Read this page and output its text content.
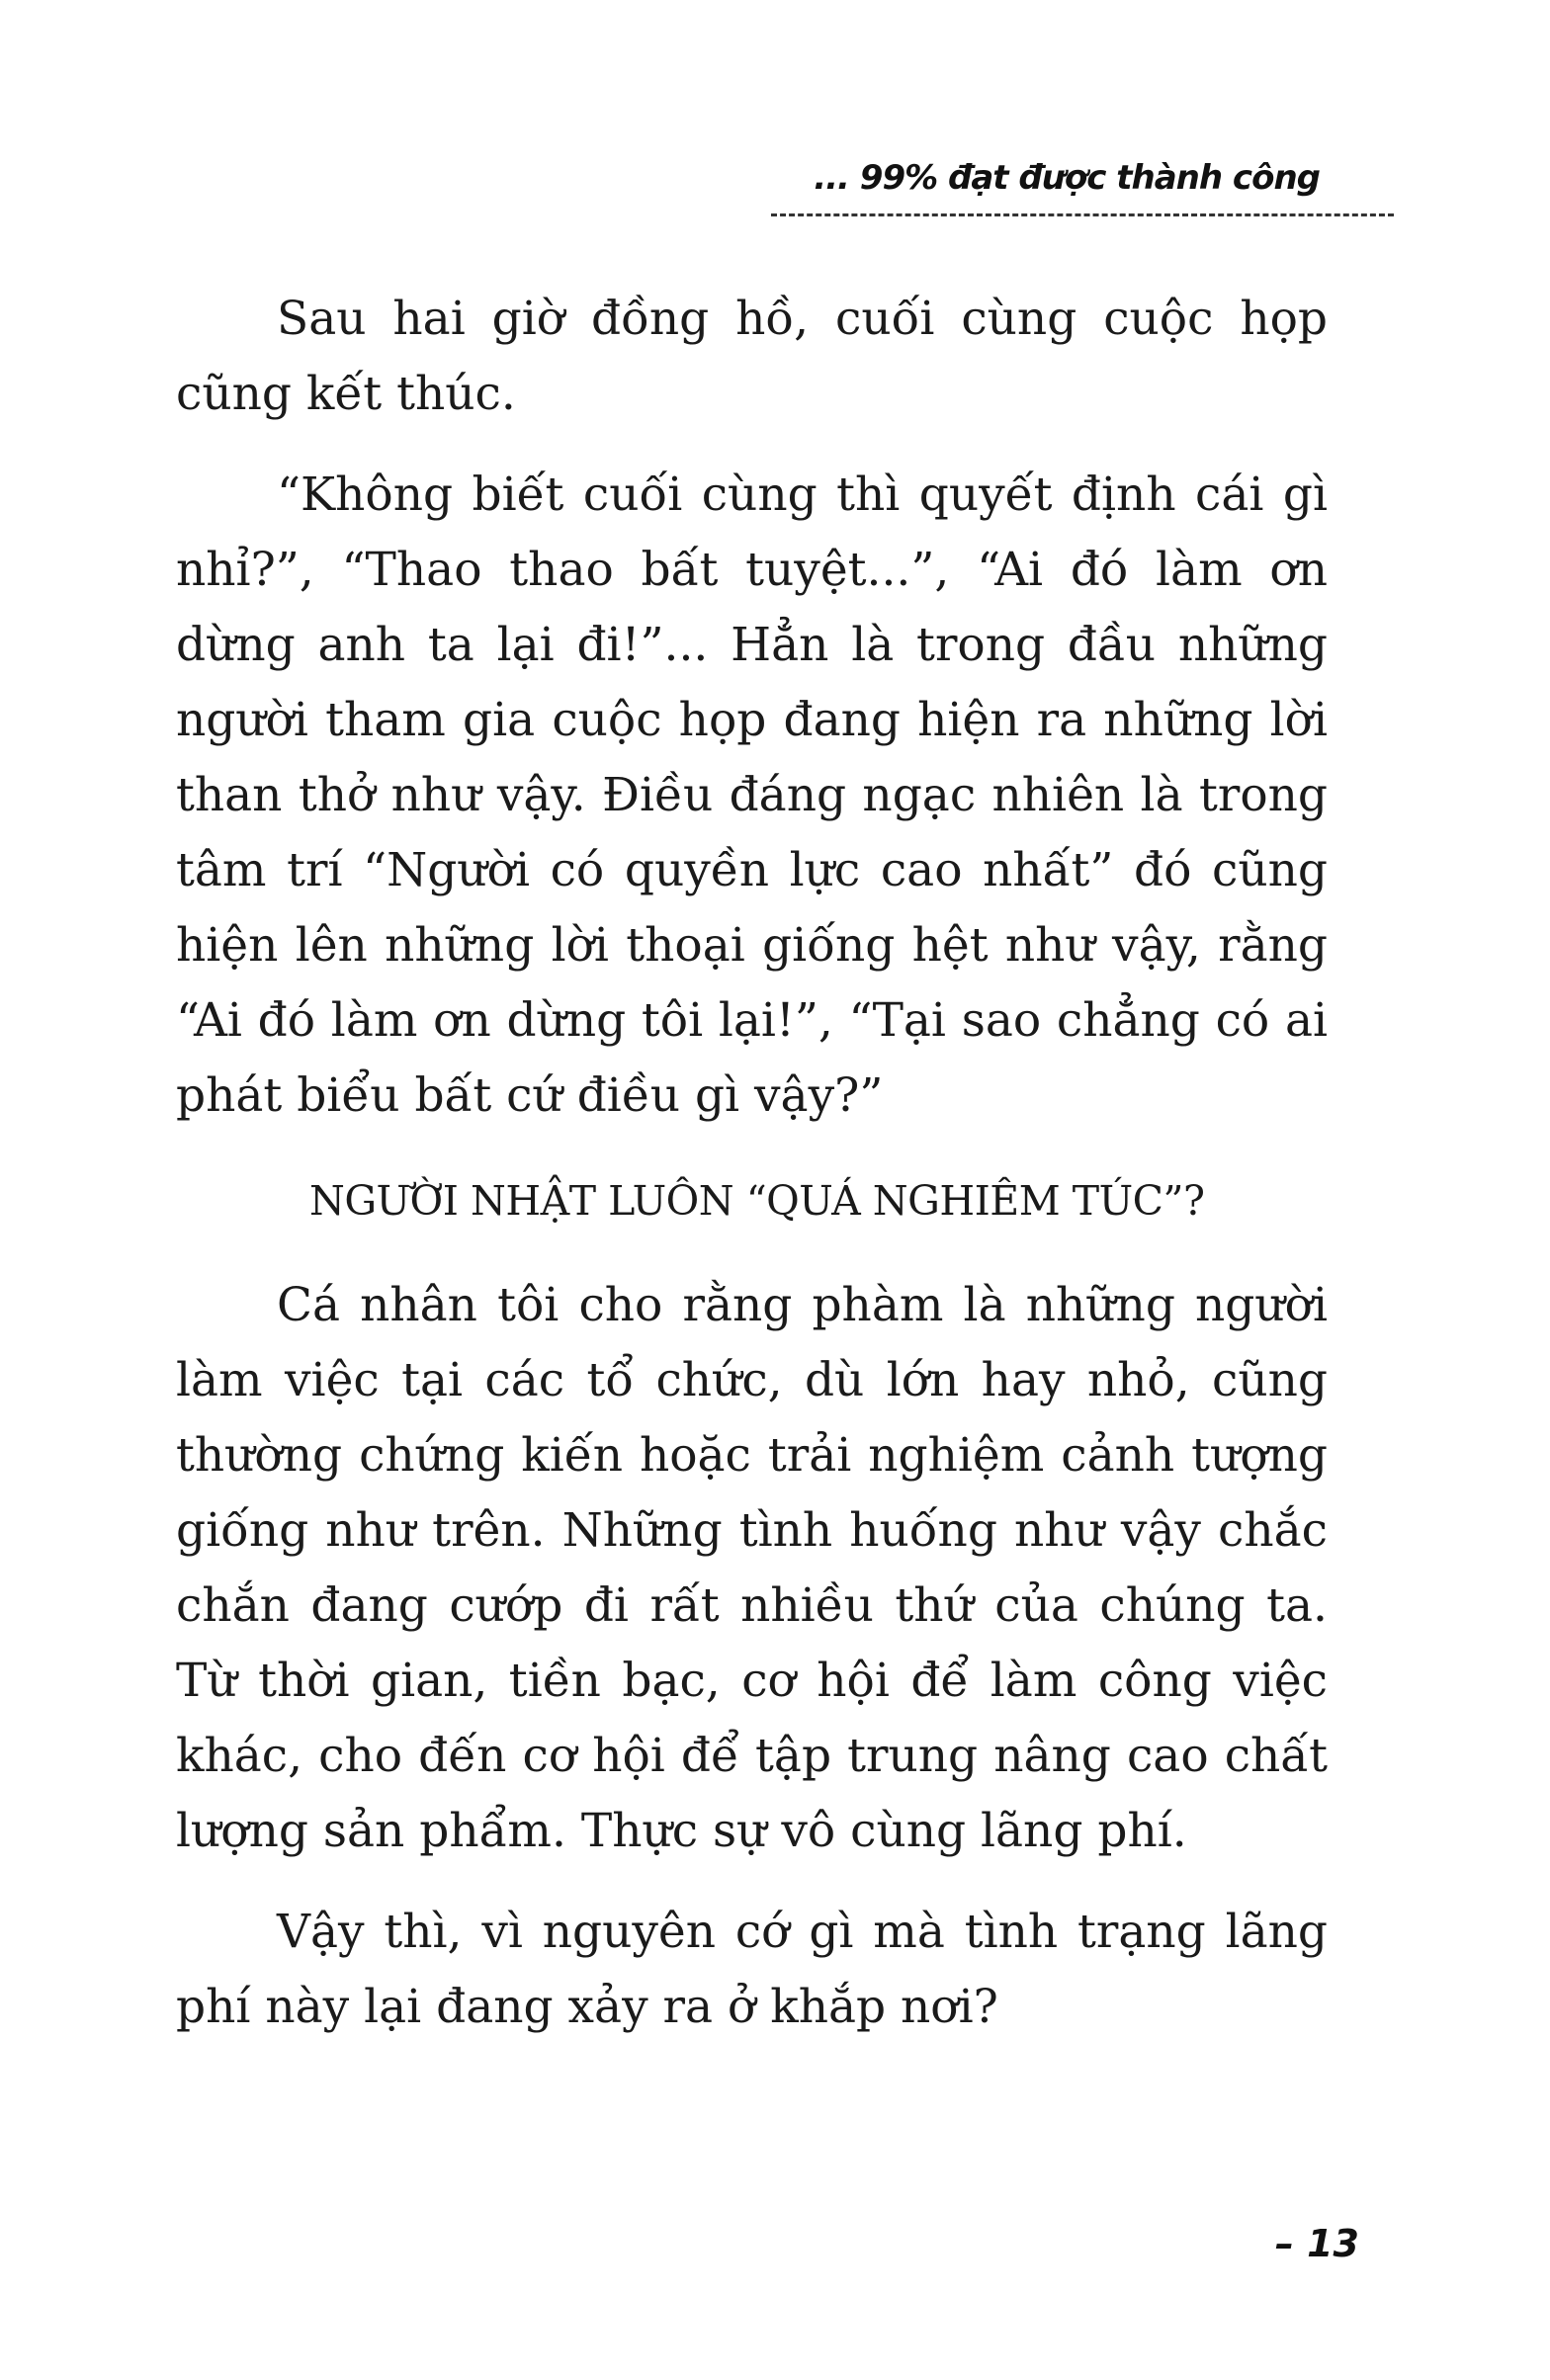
... 99% đạt được thành công

Sau hai giờ đồng hồ, cuối cùng cuộc họp cũng kết thúc.

“Không biết cuối cùng thì quyết định cái gì nhỉ?”, “Thao thao bất tuyệt...”, “Ai đó làm ơn dừng anh ta lại đi!”... Hẳn là trong đầu những người tham gia cuộc họp đang hiện ra những lời than thở như vậy. Điều đáng ngạc nhiên là trong tâm trí “Người có quyền lực cao nhất” đó cũng hiện lên những lời thoại giống hệt như vậy, rằng “Ai đó làm ơn dừng tôi lại!”, “Tại sao chẳng có ai phát biểu bất cứ điều gì vậy?”

NGƯỜI NHẬT LUÔN “QUÁ NGHIÊM TÚC”?

Cá nhân tôi cho rằng phàm là những người làm việc tại các tổ chức, dù lớn hay nhỏ, cũng thường chứng kiến hoặc trải nghiệm cảnh tượng giống như trên. Những tình huống như vậy chắc chắn đang cướp đi rất nhiều thứ của chúng ta. Từ thời gian, tiền bạc, cơ hội để làm công việc khác, cho đến cơ hội để tập trung nâng cao chất lượng sản phẩm. Thực sự vô cùng lãng phí.

Vậy thì, vì nguyên cớ gì mà tình trạng lãng phí này lại đang xảy ra ở khắp nơi?

– 13
